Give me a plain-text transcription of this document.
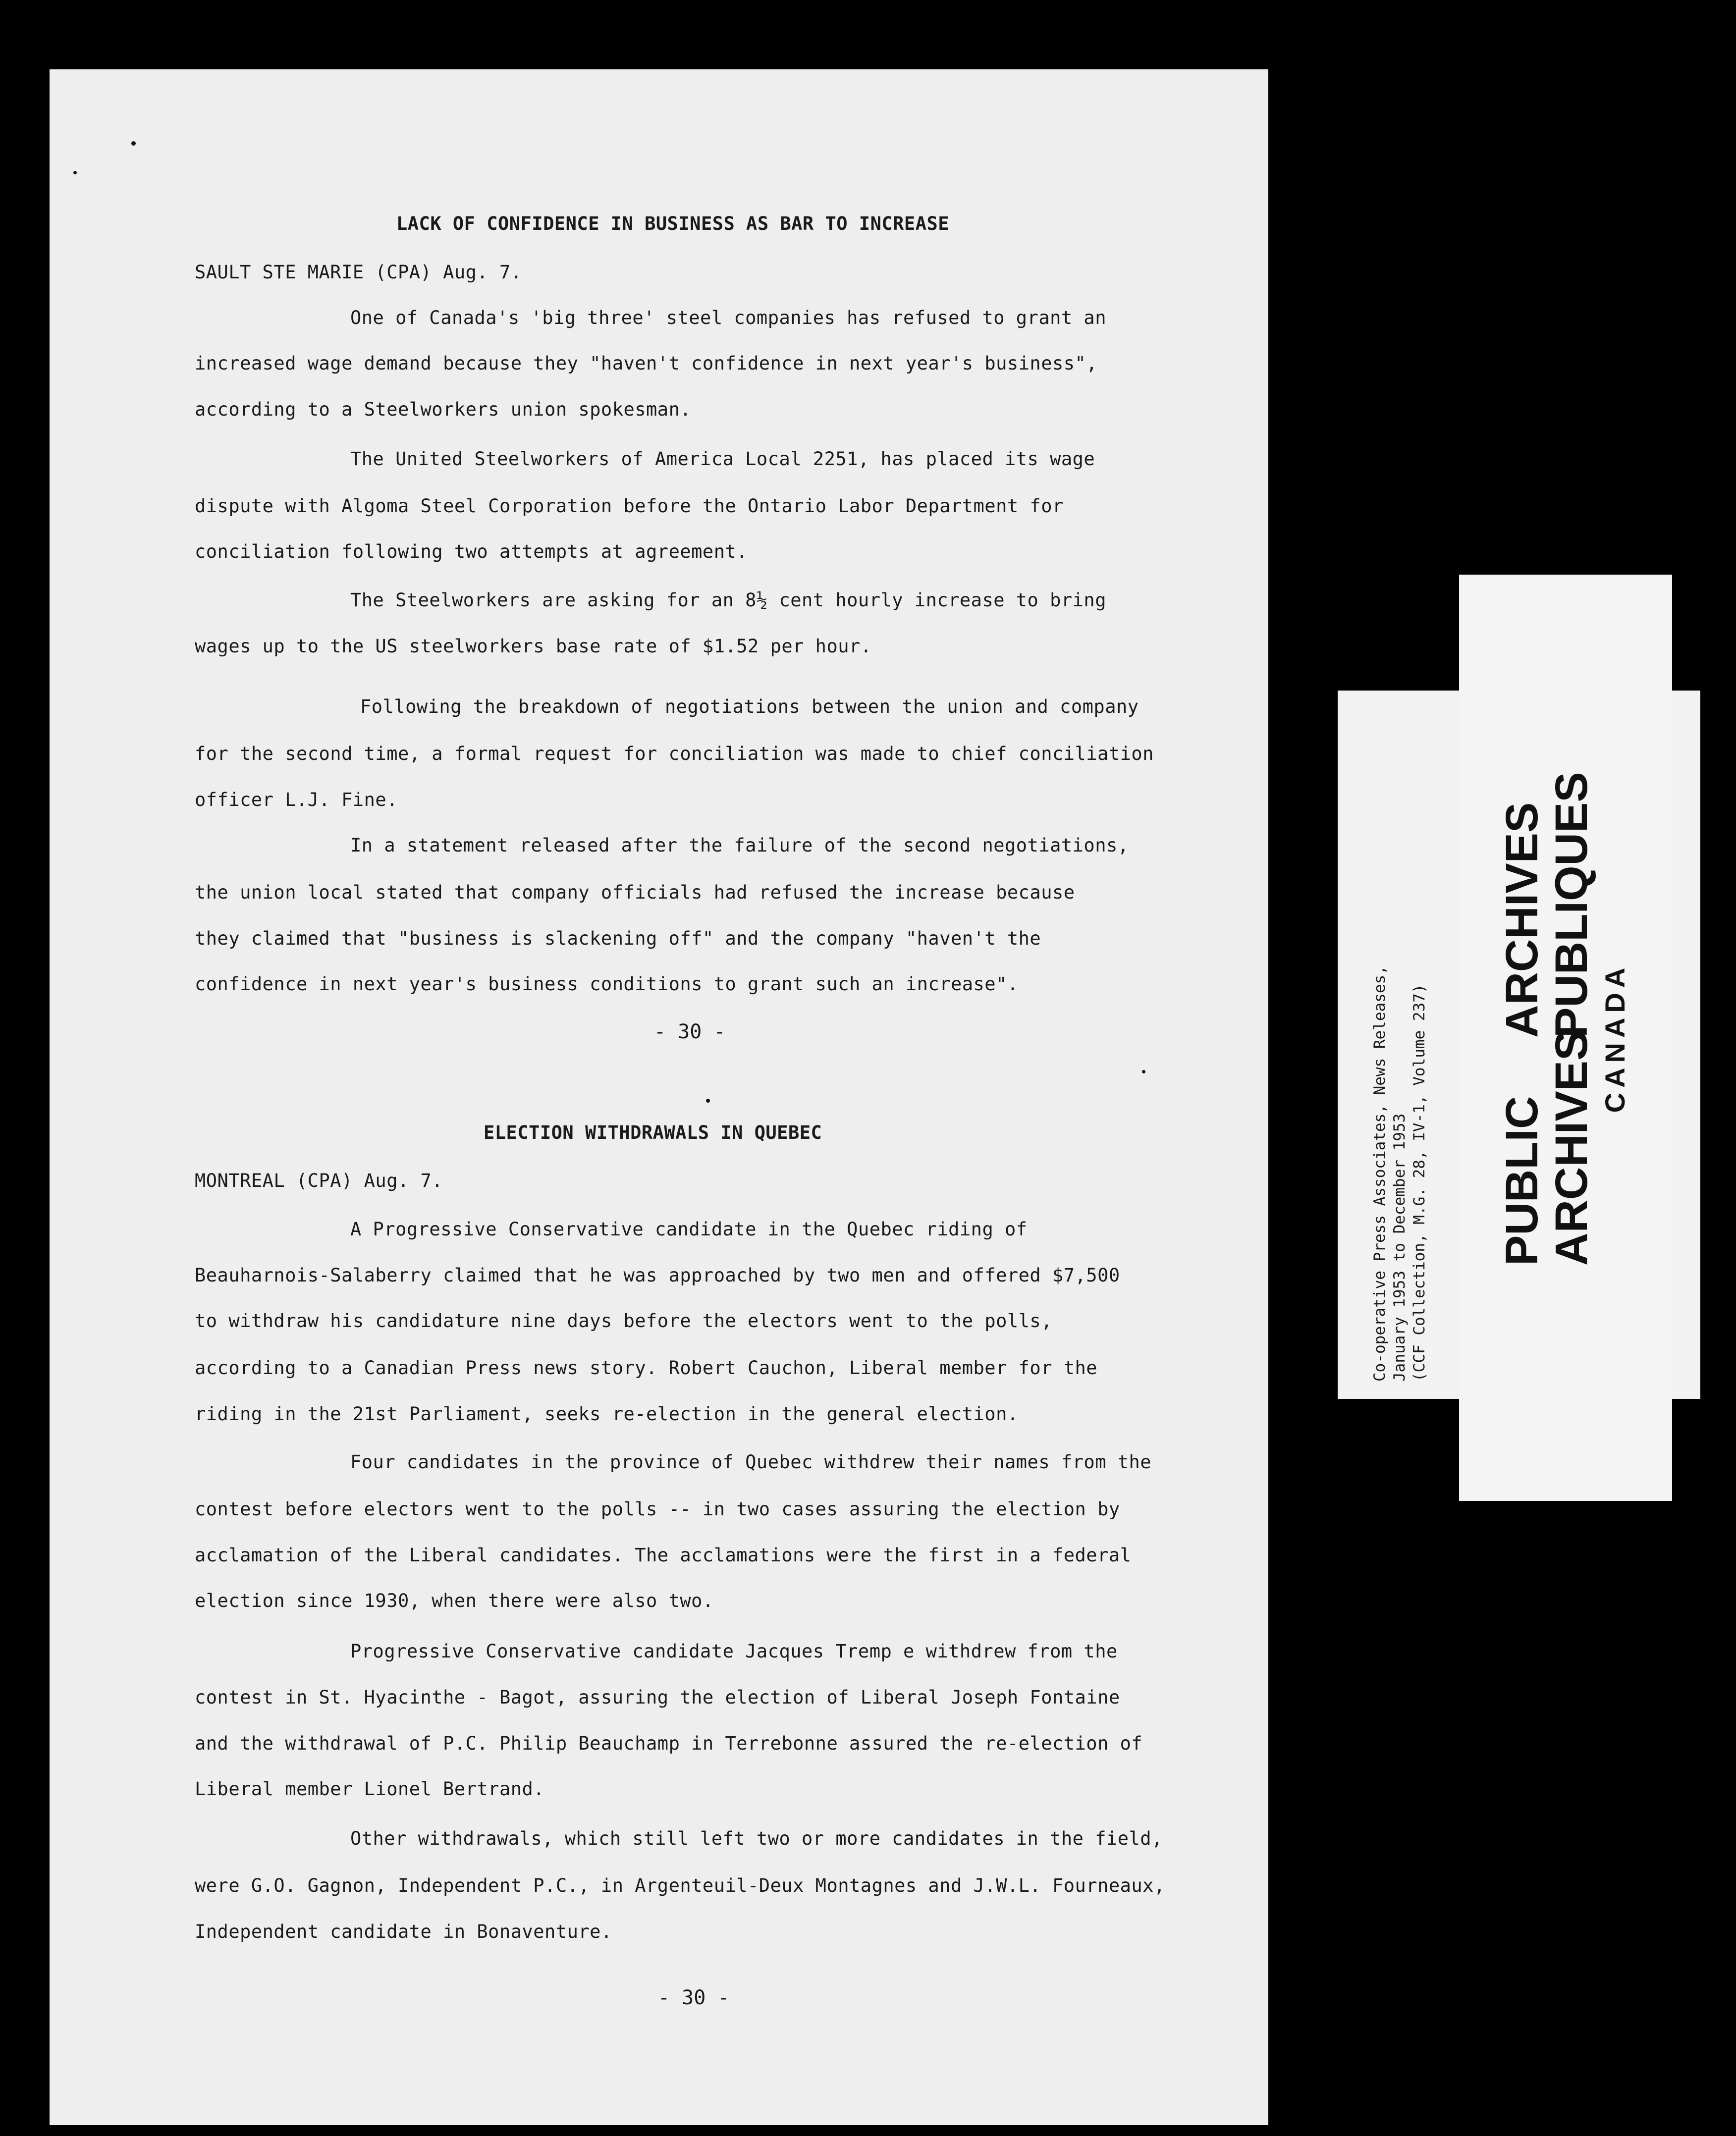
LACK OF CONFIDENCE IN BUSINESS AS BAR TO INCREASE
SAULT STE MARIE (CPA) Aug. 7.
One of Canada's 'big three' steel companies has refused to grant an
increased wage demand because they "haven't confidence in next year's business",
according to a Steelworkers union spokesman.
The United Steelworkers of America Local 2251, has placed its wage
dispute with Algoma Steel Corporation before the Ontario Labor Department for
conciliation following two attempts at agreement.
The Steelworkers are asking for an 8½ cent hourly increase to bring
wages up to the US steelworkers base rate of $1.52 per hour.
Following the breakdown of negotiations between the union and company
for the second time, a formal request for conciliation was made to chief conciliation
officer L.J. Fine.
In a statement released after the failure of the second negotiations,
the union local stated that company officials had refused the increase because
they claimed that "business is slackening off" and the company "haven't the
confidence in next year's business conditions to grant such an increase".
- 30 -
ELECTION WITHDRAWALS IN QUEBEC
MONTREAL (CPA) Aug. 7.
A Progressive Conservative candidate in the Quebec riding of
Beauharnois-Salaberry claimed that he was approached by two men and offered $7,500
to withdraw his candidature nine days before the electors went to the polls,
according to a Canadian Press news story. Robert Cauchon, Liberal member for the
riding in the 21st Parliament, seeks re-election in the general election.
Four candidates in the province of Quebec withdrew their names from the
contest before electors went to the polls -- in two cases assuring the election by
acclamation of the Liberal candidates. The acclamations were the first in a federal
election since 1930, when there were also two.
Progressive Conservative candidate Jacques Tremp e withdrew from the
contest in St. Hyacinthe - Bagot, assuring the election of Liberal Joseph Fontaine
and the withdrawal of P.C. Philip Beauchamp in Terrebonne assured the re-election of
Liberal member Lionel Bertrand.
Other withdrawals, which still left two or more candidates in the field,
were G.O. Gagnon, Independent P.C., in Argenteuil-Deux Montagnes and J.W.L. Fourneaux,
Independent candidate in Bonaventure.
- 30 -
Co-operative Press Associates, News Releases, January 1953 to December 1953 (CCF Collection, M.G. 28, IV-1, Volume 237) PUBLICARCHIVES
ARCHIVESPUBLIQUES CANADA
